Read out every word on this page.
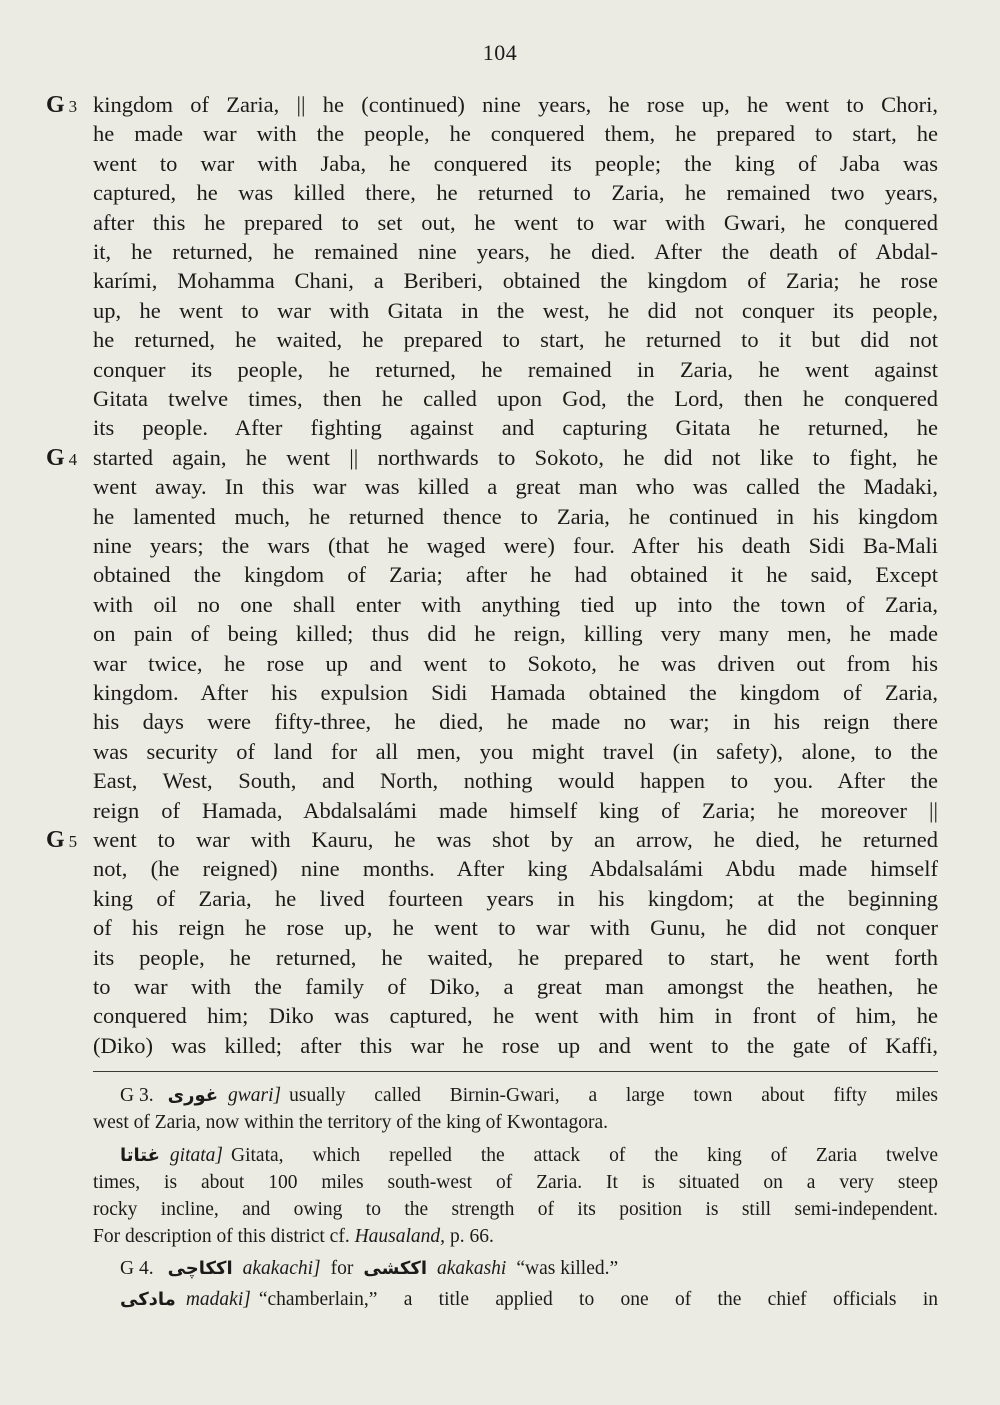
104
G 3
G 4
G 5
kingdom of Zaria, || he (continued) nine years, he rose up, he went to Chori,
he made war with the people, he conquered them, he prepared to start, he
went to war with Jaba, he conquered its people; the king of Jaba was
captured, he was killed there, he returned to Zaria, he remained two years,
after this he prepared to set out, he went to war with Gwari, he conquered
it, he returned, he remained nine years, he died. After the death of Abdal-
karími, Mohamma Chani, a Beriberi, obtained the kingdom of Zaria; he rose
up, he went to war with Gitata in the west, he did not conquer its people,
he returned, he waited, he prepared to start, he returned to it but did not
conquer its people, he returned, he remained in Zaria, he went against
Gitata twelve times, then he called upon God, the Lord, then he conquered
its people. After fighting against and capturing Gitata he returned, he
started again, he went || northwards to Sokoto, he did not like to fight, he
went away. In this war was killed a great man who was called the Madaki,
he lamented much, he returned thence to Zaria, he continued in his kingdom
nine years; the wars (that he waged were) four. After his death Sidi Ba-Mali
obtained the kingdom of Zaria; after he had obtained it he said, Except
with oil no one shall enter with anything tied up into the town of Zaria,
on pain of being killed; thus did he reign, killing very many men, he made
war twice, he rose up and went to Sokoto, he was driven out from his
kingdom. After his expulsion Sidi Hamada obtained the kingdom of Zaria,
his days were fifty-three, he died, he made no war; in his reign there
was security of land for all men, you might travel (in safety), alone, to the
East, West, South, and North, nothing would happen to you. After the
reign of Hamada, Abdalsalámi made himself king of Zaria; he moreover ||
went to war with Kauru, he was shot by an arrow, he died, he returned
not, (he reigned) nine months. After king Abdalsalámi Abdu made himself
king of Zaria, he lived fourteen years in his kingdom; at the beginning
of his reign he rose up, he went to war with Gunu, he did not conquer
its people, he returned, he waited, he prepared to start, he went forth
to war with the family of Diko, a great man amongst the heathen, he
conquered him; Diko was captured, he went with him in front of him, he
(Diko) was killed; after this war he rose up and went to the gate of Kaffi,
G 3. غورى gwari] usually called Birnin-Gwari, a large town about fifty miles
west of Zaria, now within the territory of the king of Kwontagora.
غتاتا gitata] Gitata, which repelled the attack of the king of Zaria twelve
times, is about 100 miles south-west of Zaria. It is situated on a very steep
rocky incline, and owing to the strength of its position is still semi-independent.
For description of this district cf. Hausaland, p. 66.
G 4. اككاچى akakachi] for اككشى akakashi “was killed.”
مادكى madaki] “chamberlain,” a title applied to one of the chief officials in
